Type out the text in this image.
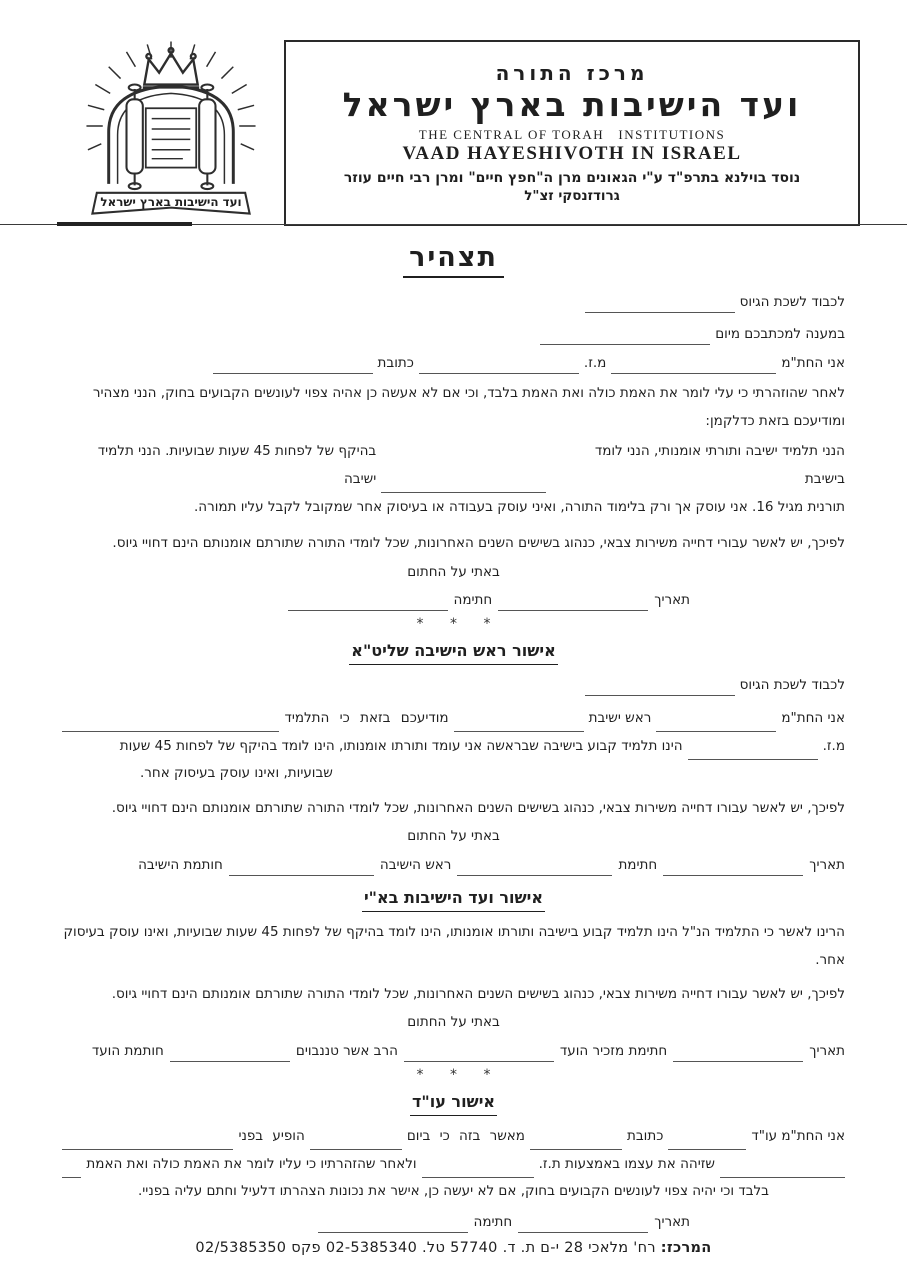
ועד הישיבות בארץ ישראל
מרכז התורה
ועד הישיבות בארץ ישראל
THE CENTRAL OF TORAH   INSTITUTIONS
VAAD HAYESHIVOTH IN ISRAEL
נוסד בוילנא בתרפ"ד ע"י הגאונים מרן ה"חפץ חיים" ומרן רבי חיים עוזר
גרודזנסקי זצ"ל
תצהיר
לכבוד לשכת הגיוס
במענה למכתבכם מיום
אני החת"מ
מ.ז.
כתובת
לאחר שהוזהרתי כי עלי לומר את האמת כולה ואת האמת בלבד, וכי אם לא אעשה כן אהיה צפוי לעונשים הקבועים בחוק, הנני מצהיר ומודיעכם בזאת כדלקמן:
הנני תלמיד ישיבה ותורתי אומנותי, הנני לומד בישיבת
בהיקף של לפחות 45 שעות שבועיות. הנני תלמיד ישיבה
תורנית מגיל 16. אני עוסק אך ורק בלימוד התורה, ואיני עוסק בעבודה או בעיסוק אחר שמקובל לקבל עליו תמורה.
לפיכך, יש לאשר עבורי דחייה משירות צבאי, כנהוג בשישים השנים האחרונות, שכל לומדי התורה שתורתם אומנותם הינם דחויי גיוס.
באתי על החתום
תאריך
חתימה
* * *
אישור ראש הישיבה שליט"א
לכבוד לשכת הגיוס
אני החת"מ
ראש ישיבת
מודיעכם בזאת כי התלמיד
מ.ז.
הינו תלמיד קבוע בישיבה שבראשה אני עומד ותורתו אומנותו, הינו לומד בהיקף של לפחות 45 שעות
שבועיות, ואינו עוסק בעיסוק אחר.
לפיכך, יש לאשר עבורו דחייה משירות צבאי, כנהוג בשישים השנים האחרונות, שכל לומדי התורה שתורתם אומנותם הינם דחויי גיוס.
באתי על החתום
תאריך
חתימת
ראש הישיבה
חותמת הישיבה
אישור ועד הישיבות בא"י
הרינו לאשר כי התלמיד הנ"ל הינו תלמיד קבוע בישיבה ותורתו אומנותו, הינו לומד בהיקף של לפחות 45 שעות שבועיות, ואינו עוסק בעיסוק אחר.
לפיכך, יש לאשר עבורו דחייה משירות צבאי, כנהוג בשישים השנים האחרונות, שכל לומדי התורה שתורתם אומנותם הינם דחויי גיוס.
באתי על החתום
תאריך
חתימת מזכיר הועד
הרב אשר טננבוים
חותמת הועד
* * *
אישור עו"ד
אני החת"מ עו"ד
כתובת
מאשר בזה כי ביום
הופיע בפני
שזיהה את עצמו באמצעות ת.ז.
ולאחר שהזהרתיו כי עליו לומר את האמת כולה ואת האמת
בלבד וכי יהיה צפוי לעונשים הקבועים בחוק, אם לא יעשה כן, אישר את נכונות הצהרתו דלעיל וחתם עליה בפניי.
תאריך
חתימה
המרכז: רח' מלאכי 28 י-ם ת. ד. 57740 טל. 02-5385340 פקס 02/5385350
